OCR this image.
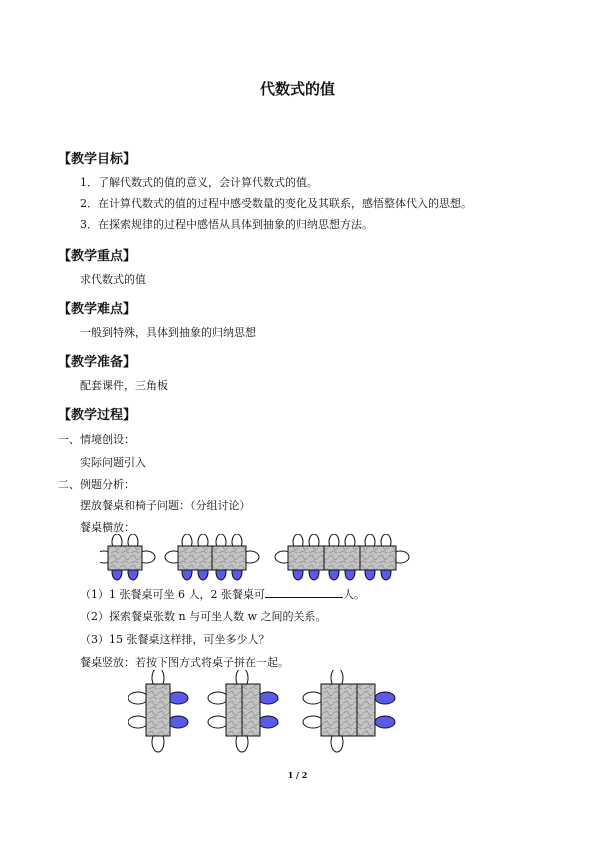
代数式的值
【教学目标】
1．了解代数式的值的意义，会计算代数式的值。
2．在计算代数式的值的过程中感受数量的变化及其联系，感悟整体代入的思想。
3．在探索规律的过程中感悟从具体到抽象的归纳思想方法。
【教学重点】
求代数式的值
【教学难点】
一般到特殊，具体到抽象的归纳思想
【教学准备】
配套课件，三角板
【教学过程】
一、情境创设：
实际问题引入
二、例题分析：
摆放餐桌和椅子问题：（分组讨论）
餐桌横放：
（1）1 张餐桌可坐 6 人，2 张餐桌可	人。
（2）探索餐桌张数 n 与可坐人数 w 之间的关系。
（3）15 张餐桌这样排，可坐多少人？
餐桌竖放：若按下图方式将桌子拼在一起。
1 / 2
